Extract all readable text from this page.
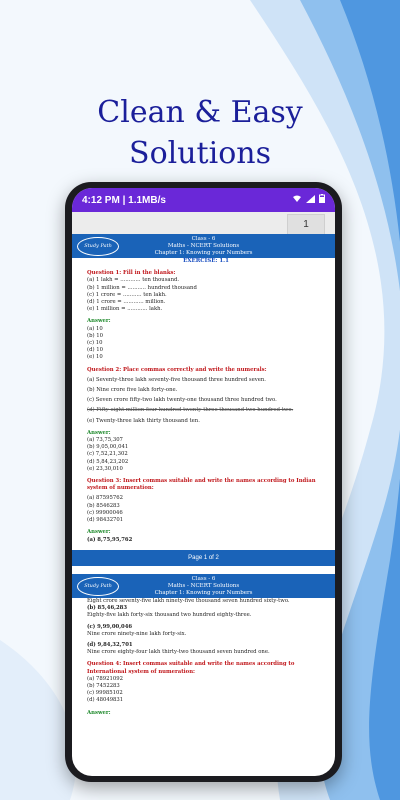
Clean & Easy
Solutions
4:12 PM | 1.1MB/s
1
Study Path
Class - 6
Maths - NCERT Solutions
Chapter 1: Knowing your Numbers
EXERCISE: 1.1
Question 1: Fill in the blanks:
(a) 1 lakh = ............ ten thousand.
(b) 1 million = ........... hundred thousand
(c) 1 crore = ........... ten lakh.
(d) 1 crore = ............ million.
(e) 1 million = ............ lakh.
Answer:
(a) 10
(b) 10
(c) 10
(d) 10
(e) 10
Question 2: Place commas correctly and write the numerals:
(a) Seventy-three lakh seventy-five thousand three hundred seven.
(b) Nine crore five lakh forty-one.
(c) Seven crore fifty-two lakh twenty-one thousand three hundred two.
(d) Fifty-eight million four hundred twenty-three thousand two hundred two.
(e) Twenty-three lakh thirty thousand ten.
Answer:
(a) 73,75,307
(b) 9,05,00,041
(c) 7,52,21,302
(d) 5,84,23,202
(e) 23,30,010
Question 3: Insert commas suitable and write the names according to Indian system of numeration:
(a) 87595762
(b) 8546283
(c) 99900046
(d) 98432701
Answer:
(a) 8,75,95,762
Page 1 of 2
Study Path
Class - 6
Maths - NCERT Solutions
Chapter 1: Knowing your Numbers
Eight crore seventy-five lakh ninety-five thousand seven hundred sixty-two.
(b) 85,46,283
Eighty-five lakh forty-six thousand two hundred eighty-three.
(c) 9,99,00,046
Nine crore ninety-nine lakh forty-six.
(d) 9,84,32,701
Nine crore eighty-four lakh thirty-two thousand seven hundred one.
Question 4: Insert commas suitable and write the names according to International system of numeration:
(a) 78921092
(b) 7452283
(c) 99985102
(d) 48049831
Answer:
